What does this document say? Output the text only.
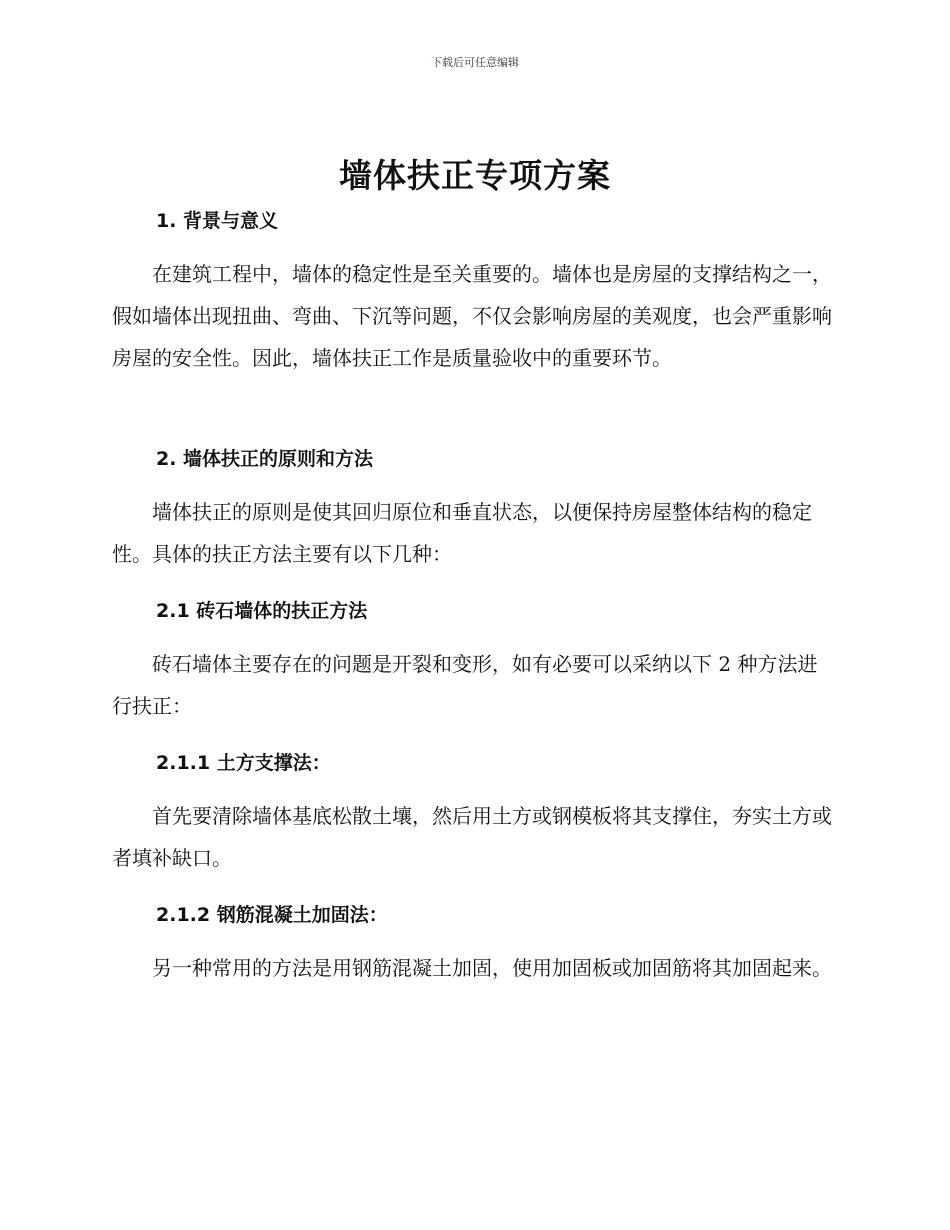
下载后可任意编辑
墙体扶正专项方案
1. 背景与意义

在建筑工程中，墙体的稳定性是至关重要的。墙体也是房屋的支撑结构之一，假如墙体出现扭曲、弯曲、下沉等问题，不仅会影响房屋的美观度，也会严重影响房屋的安全性。因此，墙体扶正工作是质量验收中的重要环节。

2. 墙体扶正的原则和方法

墙体扶正的原则是使其回归原位和垂直状态，以便保持房屋整体结构的稳定性。具体的扶正方法主要有以下几种：

2.1 砖石墙体的扶正方法

砖石墙体主要存在的问题是开裂和变形，如有必要可以采纳以下 2 种方法进行扶正：

2.1.1 土方支撑法：

首先要清除墙体基底松散土壤，然后用土方或钢模板将其支撑住，夯实土方或者填补缺口。

2.1.2 钢筋混凝土加固法：

另一种常用的方法是用钢筋混凝土加固，使用加固板或加固筋将其加固起来。
